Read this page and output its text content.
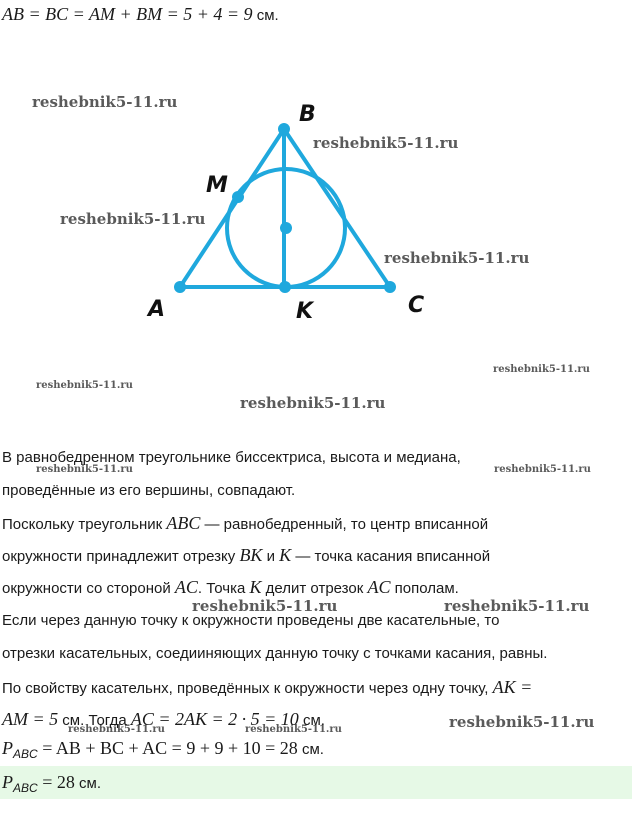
AB = BC = AM + BM = 5 + 4 = 9 см.
B
M
A	K	C
reshebnik5-11.ru
reshebnik5-11.ru
reshebnik5-11.ru
reshebnik5-11.ru
reshebnik5-11.ru
reshebnik5-11.ru
reshebnik5-11.ru
reshebnik5-11.ru	reshebnik5-11.ru
reshebnik5-11.ru	reshebnik5-11.ru
reshebnik5-11.ru
reshebnik5-11.ru	reshebnik5-11.ru
В равнобедренном треугольнике биссектриса, высота и медиана,
проведённые из его вершины, совпадают.
Поскольку треугольник ABC — равнобедренный, то центр вписанной
окружности принадлежит отрезку BK и K — точка касания вписанной
окружности со стороной AC. Точка K делит отрезок AC пополам.
Если через данную точку к окружности проведены две касательные, то
отрезки касательных, соедииняющих данную точку с точками касания, равны.
По свойству касательнх, проведённых к окружности через одну точку, AK =
AM = 5 см. Тогда AC = 2AK = 2 · 5 = 10 см.
$P_{ABC}$ = AB + BC + AC = 9 + 9 + 10 = 28 см.
$P_{ABC} = 28$ см.
